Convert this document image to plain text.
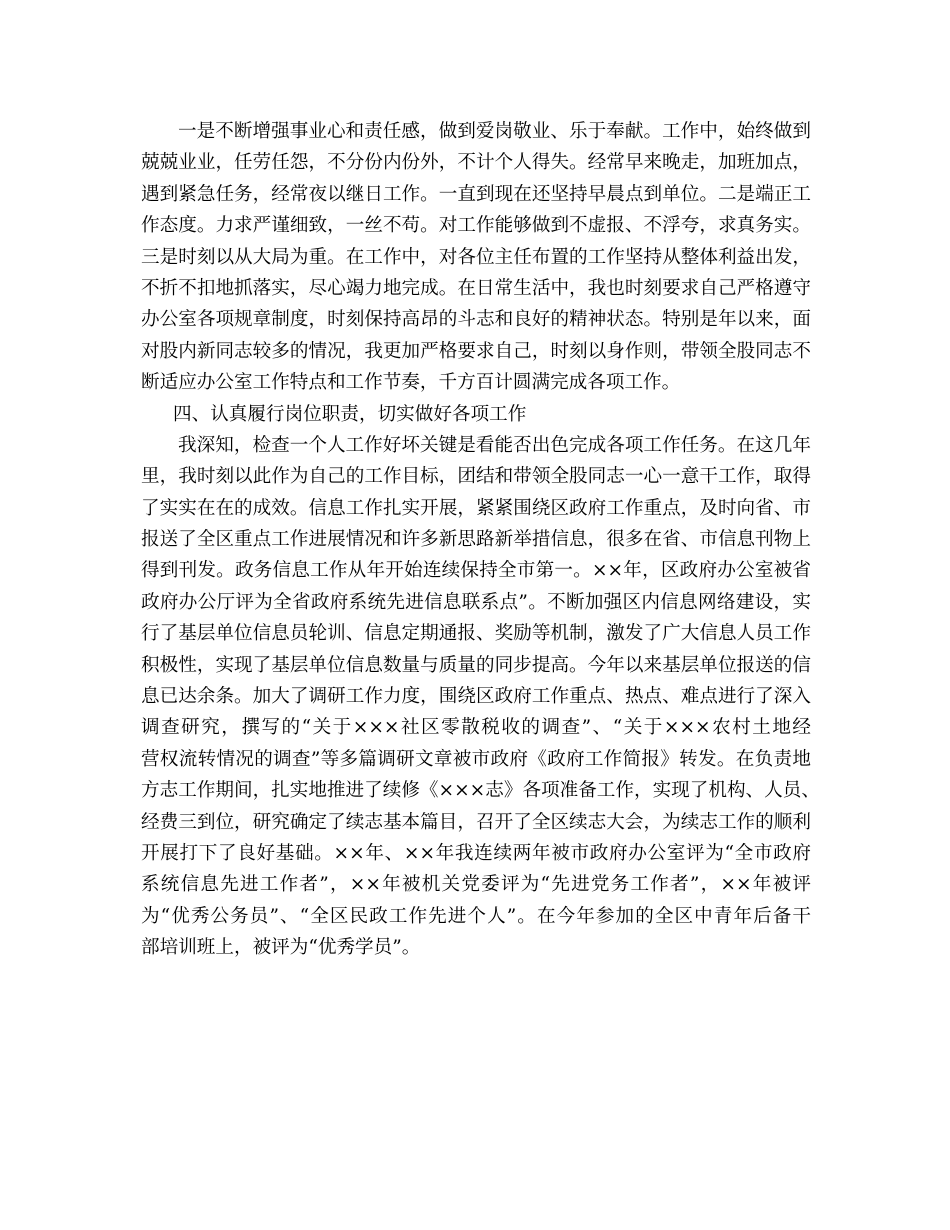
一是不断增强事业心和责任感，做到爱岗敬业、乐于奉献。工作中，始终做到
兢兢业业，任劳任怨，不分份内份外，不计个人得失。经常早来晚走，加班加点，
遇到紧急任务，经常夜以继日工作。一直到现在还坚持早晨点到单位。二是端正工
作态度。力求严谨细致，一丝不苟。对工作能够做到不虚报、不浮夸，求真务实。
三是时刻以从大局为重。在工作中，对各位主任布置的工作坚持从整体利益出发，
不折不扣地抓落实，尽心竭力地完成。在日常生活中，我也时刻要求自己严格遵守
办公室各项规章制度，时刻保持高昂的斗志和良好的精神状态。特别是年以来，面
对股内新同志较多的情况，我更加严格要求自己，时刻以身作则，带领全股同志不
断适应办公室工作特点和工作节奏，千方百计圆满完成各项工作。
四、认真履行岗位职责，切实做好各项工作
我深知，检查一个人工作好坏关键是看能否出色完成各项工作任务。在这几年
里，我时刻以此作为自己的工作目标，团结和带领全股同志一心一意干工作，取得
了实实在在的成效。信息工作扎实开展，紧紧围绕区政府工作重点，及时向省、市
报送了全区重点工作进展情况和许多新思路新举措信息，很多在省、市信息刊物上
得到刊发。政务信息工作从年开始连续保持全市第一。××年，区政府办公室被省
政府办公厅评为全省政府系统先进信息联系点”。不断加强区内信息网络建设，实
行了基层单位信息员轮训、信息定期通报、奖励等机制，激发了广大信息人员工作
积极性，实现了基层单位信息数量与质量的同步提高。今年以来基层单位报送的信
息已达余条。加大了调研工作力度，围绕区政府工作重点、热点、难点进行了深入
调查研究，撰写的“关于×××社区零散税收的调查”、“关于×××农村土地经
营权流转情况的调查”等多篇调研文章被市政府《政府工作简报》转发。在负责地
方志工作期间，扎实地推进了续修《×××志》各项准备工作，实现了机构、人员、
经费三到位，研究确定了续志基本篇目，召开了全区续志大会，为续志工作的顺利
开展打下了良好基础。××年、××年我连续两年被市政府办公室评为“全市政府
系统信息先进工作者”，××年被机关党委评为“先进党务工作者”，××年被评
为“优秀公务员”、“全区民政工作先进个人”。在今年参加的全区中青年后备干
部培训班上，被评为“优秀学员”。
